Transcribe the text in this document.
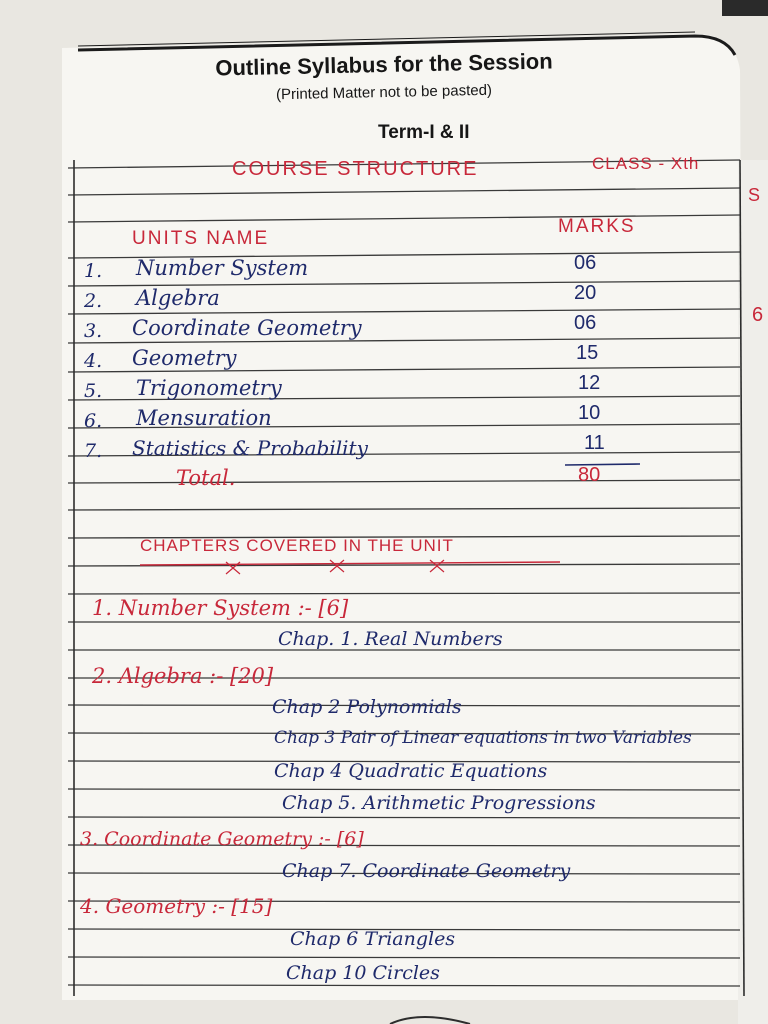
Outline Syllabus for the Session
(Printed Matter not to be pasted)
Term-I & II
COURSE STRUCTURE	CLASS - Xth
S
UNITS NAME
MARKS
1. Number System	06
2. Algebra	20
3. Coordinate Geometry	06	6
4. Geometry	15
5. Trigonometry	12
6. Mensuration	10
7. Statistics & Probability	11
Total.	80
CHAPTERS COVERED IN THE UNIT
1. Number System :- [6]
Chap. 1. Real Numbers
2. Algebra :- [20]
Chap 2 Polynomials
Chap 3 Pair of Linear equations in two Variables
Chap 4 Quadratic Equations
Chap 5. Arithmetic Progressions
3. Coordinate Geometry :- [6]
Chap 7. Coordinate Geometry
4. Geometry :- [15]
Chap 6 Triangles
Chap 10 Circles
